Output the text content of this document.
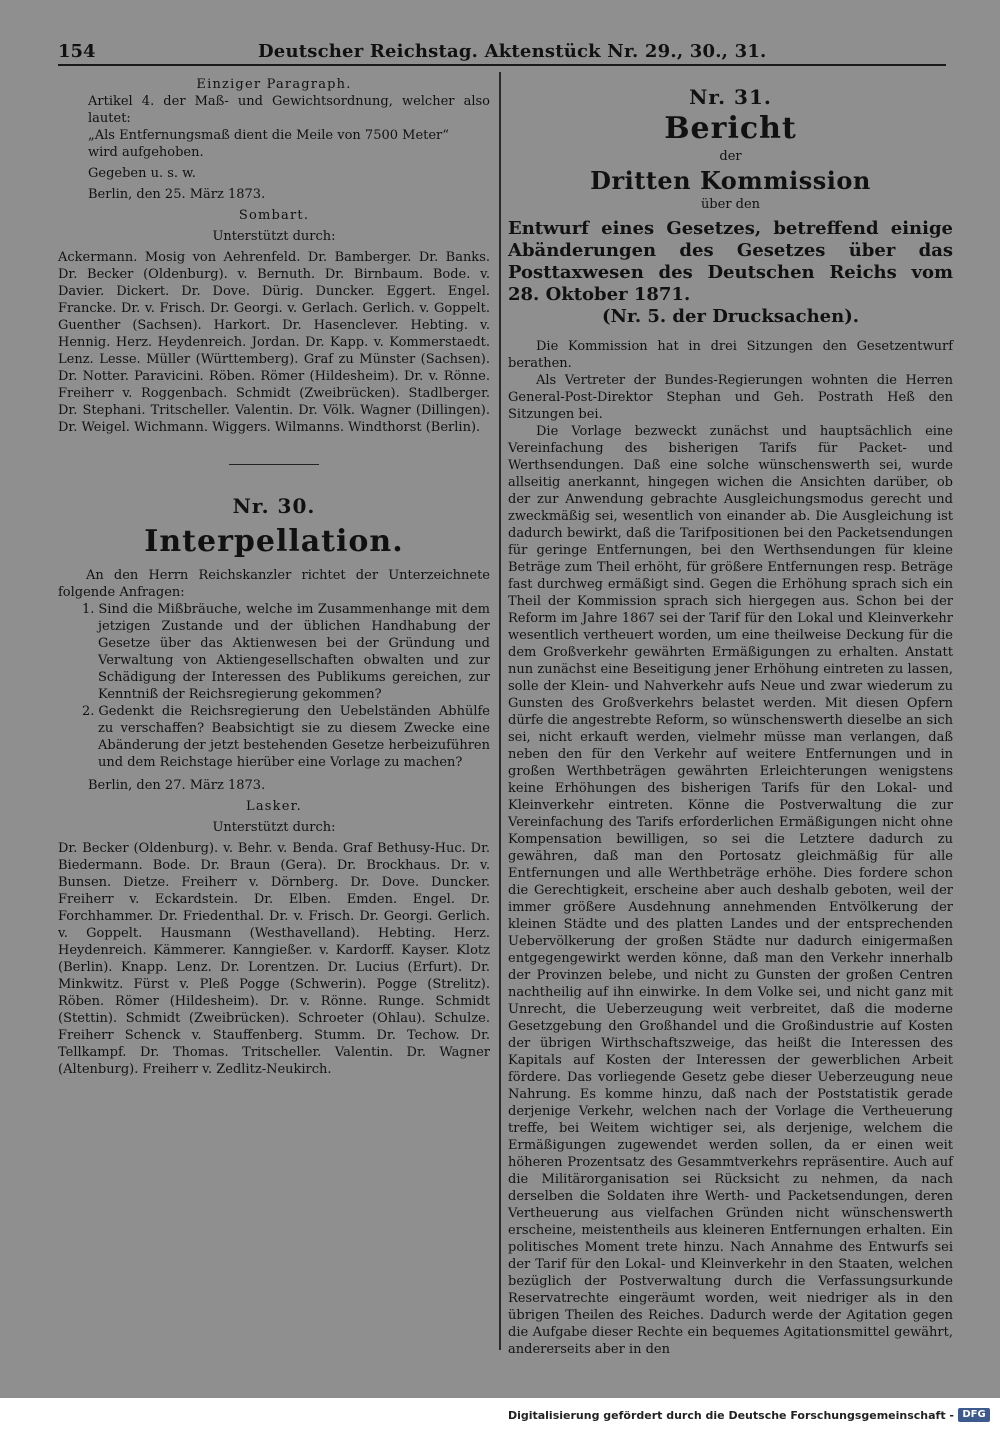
154	Deutscher Reichstag. Aktenstück Nr. 29., 30., 31.
Einziger Paragraph.
Artikel 4. der Maß- und Gewichtsordnung, welcher also lautet:
„Als Entfernungsmaß dient die Meile von 7500 Meter“
wird aufgehoben.
Gegeben u. s. w.
Berlin, den 25. März 1873.
Sombart.
Unterstützt durch:
Ackermann. Mosig von Aehrenfeld. Dr. Bamberger. Dr. Banks. Dr. Becker (Oldenburg). v. Bernuth. Dr. Birnbaum. Bode. v. Davier. Dickert. Dr. Dove. Dürig. Duncker. Eggert. Engel. Francke. Dr. v. Frisch. Dr. Georgi. v. Gerlach. Gerlich. v. Goppelt. Guenther (Sachsen). Harkort. Dr. Hasenclever. Hebting. v. Hennig. Herz. Heydenreich. Jordan. Dr. Kapp. v. Kommerstaedt. Lenz. Lesse. Müller (Württemberg). Graf zu Münster (Sachsen). Dr. Notter. Paravicini. Röben. Römer (Hildesheim). Dr. v. Rönne. Freiherr v. Roggenbach. Schmidt (Zweibrücken). Stadlberger. Dr. Stephani. Tritscheller. Valentin. Dr. Völk. Wagner (Dillingen). Dr. Weigel. Wichmann. Wiggers. Wilmanns. Windthorst (Berlin).
Nr. 30.
Interpellation.
An den Herrn Reichskanzler richtet der Unterzeichnete folgende Anfragen:
1. Sind die Mißbräuche, welche im Zusammenhange mit dem jetzigen Zustande und der üblichen Handhabung der Gesetze über das Aktienwesen bei der Gründung und Verwaltung von Aktiengesellschaften obwalten und zur Schädigung der Interessen des Publikums gereichen, zur Kenntniß der Reichsregierung gekommen?
2. Gedenkt die Reichsregierung den Uebelständen Abhülfe zu verschaffen? Beabsichtigt sie zu diesem Zwecke eine Abänderung der jetzt bestehenden Gesetze herbeizuführen und dem Reichstage hierüber eine Vorlage zu machen?
Berlin, den 27. März 1873.
Lasker.
Unterstützt durch:
Dr. Becker (Oldenburg). v. Behr. v. Benda. Graf Bethusy-Huc. Dr. Biedermann. Bode. Dr. Braun (Gera). Dr. Brockhaus. Dr. v. Bunsen. Dietze. Freiherr v. Dörnberg. Dr. Dove. Duncker. Freiherr v. Eckardstein. Dr. Elben. Emden. Engel. Dr. Forchhammer. Dr. Friedenthal. Dr. v. Frisch. Dr. Georgi. Gerlich. v. Goppelt. Hausmann (Westhavelland). Hebting. Herz. Heydenreich. Kämmerer. Kanngießer. v. Kardorff. Kayser. Klotz (Berlin). Knapp. Lenz. Dr. Lorentzen. Dr. Lucius (Erfurt). Dr. Minkwitz. Fürst v. Pleß Pogge (Schwerin). Pogge (Strelitz). Röben. Römer (Hildesheim). Dr. v. Rönne. Runge. Schmidt (Stettin). Schmidt (Zweibrücken). Schroeter (Ohlau). Schulze. Freiherr Schenck v. Stauffenberg. Stumm. Dr. Techow. Dr. Tellkampf. Dr. Thomas. Tritscheller. Valentin. Dr. Wagner (Altenburg). Freiherr v. Zedlitz-Neukirch.
Nr. 31.
Bericht
der
Dritten Kommission
über den
Entwurf eines Gesetzes, betreffend einige Abänderungen des Gesetzes über das Posttaxwesen des Deutschen Reichs vom 28. Oktober 1871.
(Nr. 5. der Drucksachen).
Die Kommission hat in drei Sitzungen den Gesetzentwurf berathen.
Als Vertreter der Bundes-Regierungen wohnten die Herren General-Post-Direktor Stephan und Geh. Postrath Heß den Sitzungen bei.
Die Vorlage bezweckt zunächst und hauptsächlich eine Vereinfachung des bisherigen Tarifs für Packet- und Werthsendungen. Daß eine solche wünschenswerth sei, wurde allseitig anerkannt, hingegen wichen die Ansichten darüber, ob der zur Anwendung gebrachte Ausgleichungsmodus gerecht und zweckmäßig sei, wesentlich von einander ab. Die Ausgleichung ist dadurch bewirkt, daß die Tarifpositionen bei den Packetsendungen für geringe Entfernungen, bei den Werthsendungen für kleine Beträge zum Theil erhöht, für größere Entfernungen resp. Beträge fast durchweg ermäßigt sind. Gegen die Erhöhung sprach sich ein Theil der Kommission sprach sich hiergegen aus. Schon bei der Reform im Jahre 1867 sei der Tarif für den Lokal und Kleinverkehr wesentlich vertheuert worden, um eine theilweise Deckung für die dem Großverkehr gewährten Ermäßigungen zu erhalten. Anstatt nun zunächst eine Beseitigung jener Erhöhung eintreten zu lassen, solle der Klein- und Nahverkehr aufs Neue und zwar wiederum zu Gunsten des Großverkehrs belastet werden. Mit diesen Opfern dürfe die angestrebte Reform, so wünschenswerth dieselbe an sich sei, nicht erkauft werden, vielmehr müsse man verlangen, daß neben den für den Verkehr auf weitere Entfernungen und in großen Werthbeträgen gewährten Erleichterungen wenigstens keine Erhöhungen des bisherigen Tarifs für den Lokal- und Kleinverkehr eintreten. Könne die Postverwaltung die zur Vereinfachung des Tarifs erforderlichen Ermäßigungen nicht ohne Kompensation bewilligen, so sei die Letztere dadurch zu gewähren, daß man den Portosatz gleichmäßig für alle Entfernungen und alle Werthbeträge erhöhe. Dies fordere schon die Gerechtigkeit, erscheine aber auch deshalb geboten, weil der immer größere Ausdehnung annehmenden Entvölkerung der kleinen Städte und des platten Landes und der entsprechenden Uebervölkerung der großen Städte nur dadurch einigermaßen entgegengewirkt werden könne, daß man den Verkehr innerhalb der Provinzen belebe, und nicht zu Gunsten der großen Centren nachtheilig auf ihn einwirke. In dem Volke sei, und nicht ganz mit Unrecht, die Ueberzeugung weit verbreitet, daß die moderne Gesetzgebung den Großhandel und die Großindustrie auf Kosten der übrigen Wirthschaftszweige, das heißt die Interessen des Kapitals auf Kosten der Interessen der gewerblichen Arbeit fördere. Das vorliegende Gesetz gebe dieser Ueberzeugung neue Nahrung. Es komme hinzu, daß nach der Poststatistik gerade derjenige Verkehr, welchen nach der Vorlage die Vertheuerung treffe, bei Weitem wichtiger sei, als derjenige, welchem die Ermäßigungen zugewendet werden sollen, da er einen weit höheren Prozentsatz des Gesammtverkehrs repräsentire. Auch auf die Militärorganisation sei Rücksicht zu nehmen, da nach derselben die Soldaten ihre Werth- und Packetsendungen, deren Vertheuerung aus vielfachen Gründen nicht wünschenswerth erscheine, meistentheils aus kleineren Entfernungen erhalten. Ein politisches Moment trete hinzu. Nach Annahme des Entwurfs sei der Tarif für den Lokal- und Kleinverkehr in den Staaten, welchen bezüglich der Postverwaltung durch die Verfassungsurkunde Reservatrechte eingeräumt worden, weit niedriger als in den übrigen Theilen des Reiches. Dadurch werde der Agitation gegen die Aufgabe dieser Rechte ein bequemes Agitationsmittel gewährt, andererseits aber in den
Digitalisierung gefördert durch die Deutsche Forschungsgemeinschaft - DFG
